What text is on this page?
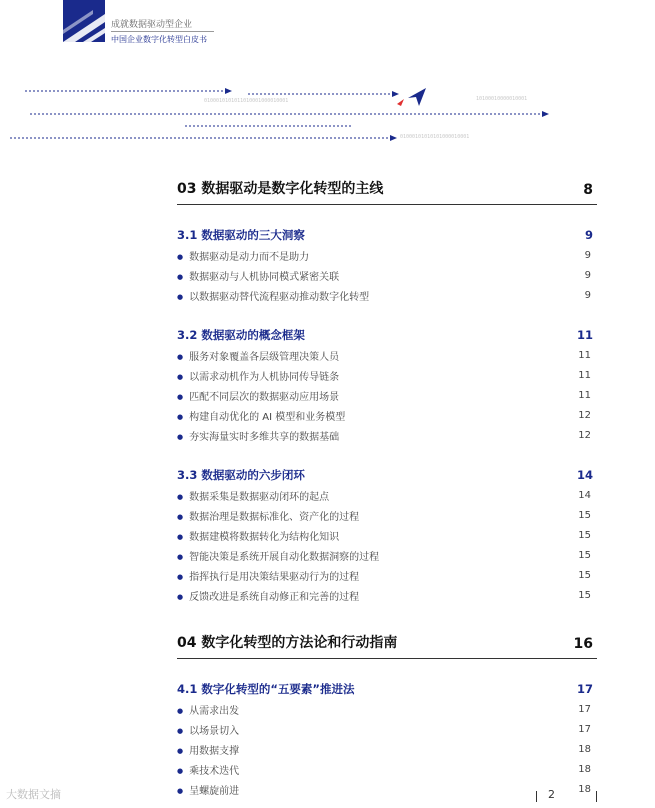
成就数据驱动型企业
中国企业数字化转型白皮书
0100010101011010001000010001	10100010000010001
01000101010101000010001
03 数据驱动是数字化转型的主线	8
3.1 数据驱动的三大洞察	9
● 数据驱动是动力而不是助力	9
● 数据驱动与人机协同模式紧密关联	9
● 以数据驱动替代流程驱动推动数字化转型	9
3.2 数据驱动的概念框架	11
● 服务对象覆盖各层级管理决策人员	11
● 以需求动机作为人机协同传导链条	11
● 匹配不同层次的数据驱动应用场景	11
● 构建自动优化的 AI 模型和业务模型	12
● 夯实海量实时多维共享的数据基础	12
3.3 数据驱动的六步闭环	14
● 数据采集是数据驱动闭环的起点	14
● 数据治理是数据标准化、资产化的过程	15
● 数据建模将数据转化为结构化知识	15
● 智能决策是系统开展自动化数据洞察的过程	15
● 指挥执行是用决策结果驱动行为的过程	15
● 反馈改进是系统自动修正和完善的过程	15
04 数字化转型的方法论和行动指南	16
4.1 数字化转型的“五要素”推进法	17
● 从需求出发	17
● 以场景切入	17
● 用数据支撑	18
● 乘技术迭代	18
● 呈螺旋前进	18
大数据文摘	2
